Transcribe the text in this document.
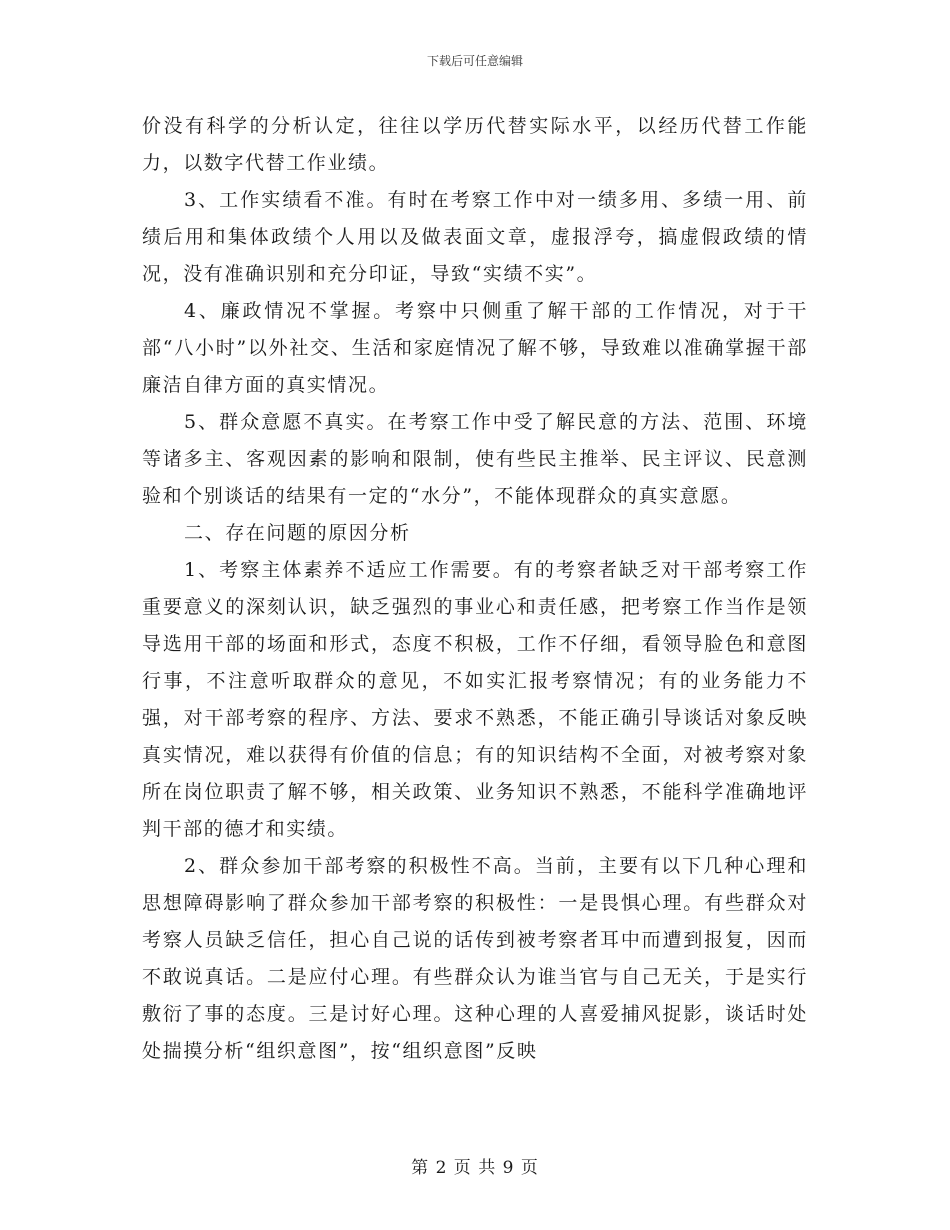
下载后可任意编辑

价没有科学的分析认定，往往以学历代替实际水平，以经历代替工作能力，以数字代替工作业绩。

3、工作实绩看不准。有时在考察工作中对一绩多用、多绩一用、前绩后用和集体政绩个人用以及做表面文章，虚报浮夸，搞虚假政绩的情况，没有准确识别和充分印证，导致“实绩不实”。

4、廉政情况不掌握。考察中只侧重了解干部的工作情况，对于干部“八小时”以外社交、生活和家庭情况了解不够，导致难以准确掌握干部廉洁自律方面的真实情况。

5、群众意愿不真实。在考察工作中受了解民意的方法、范围、环境等诸多主、客观因素的影响和限制，使有些民主推举、民主评议、民意测验和个别谈话的结果有一定的“水分”，不能体现群众的真实意愿。

二、存在问题的原因分析

1、考察主体素养不适应工作需要。有的考察者缺乏对干部考察工作重要意义的深刻认识，缺乏强烈的事业心和责任感，把考察工作当作是领导选用干部的场面和形式，态度不积极，工作不仔细，看领导脸色和意图行事，不注意听取群众的意见，不如实汇报考察情况；有的业务能力不强，对干部考察的程序、方法、要求不熟悉，不能正确引导谈话对象反映真实情况，难以获得有价值的信息；有的知识结构不全面，对被考察对象所在岗位职责了解不够，相关政策、业务知识不熟悉，不能科学准确地评判干部的德才和实绩。

2、群众参加干部考察的积极性不高。当前，主要有以下几种心理和思想障碍影响了群众参加干部考察的积极性：一是畏惧心理。有些群众对考察人员缺乏信任，担心自己说的话传到被考察者耳中而遭到报复，因而不敢说真话。二是应付心理。有些群众认为谁当官与自己无关，于是实行敷衍了事的态度。三是讨好心理。这种心理的人喜爱捕风捉影，谈话时处处揣摸分析“组织意图”，按“组织意图”反映

第 2 页 共 9 页
